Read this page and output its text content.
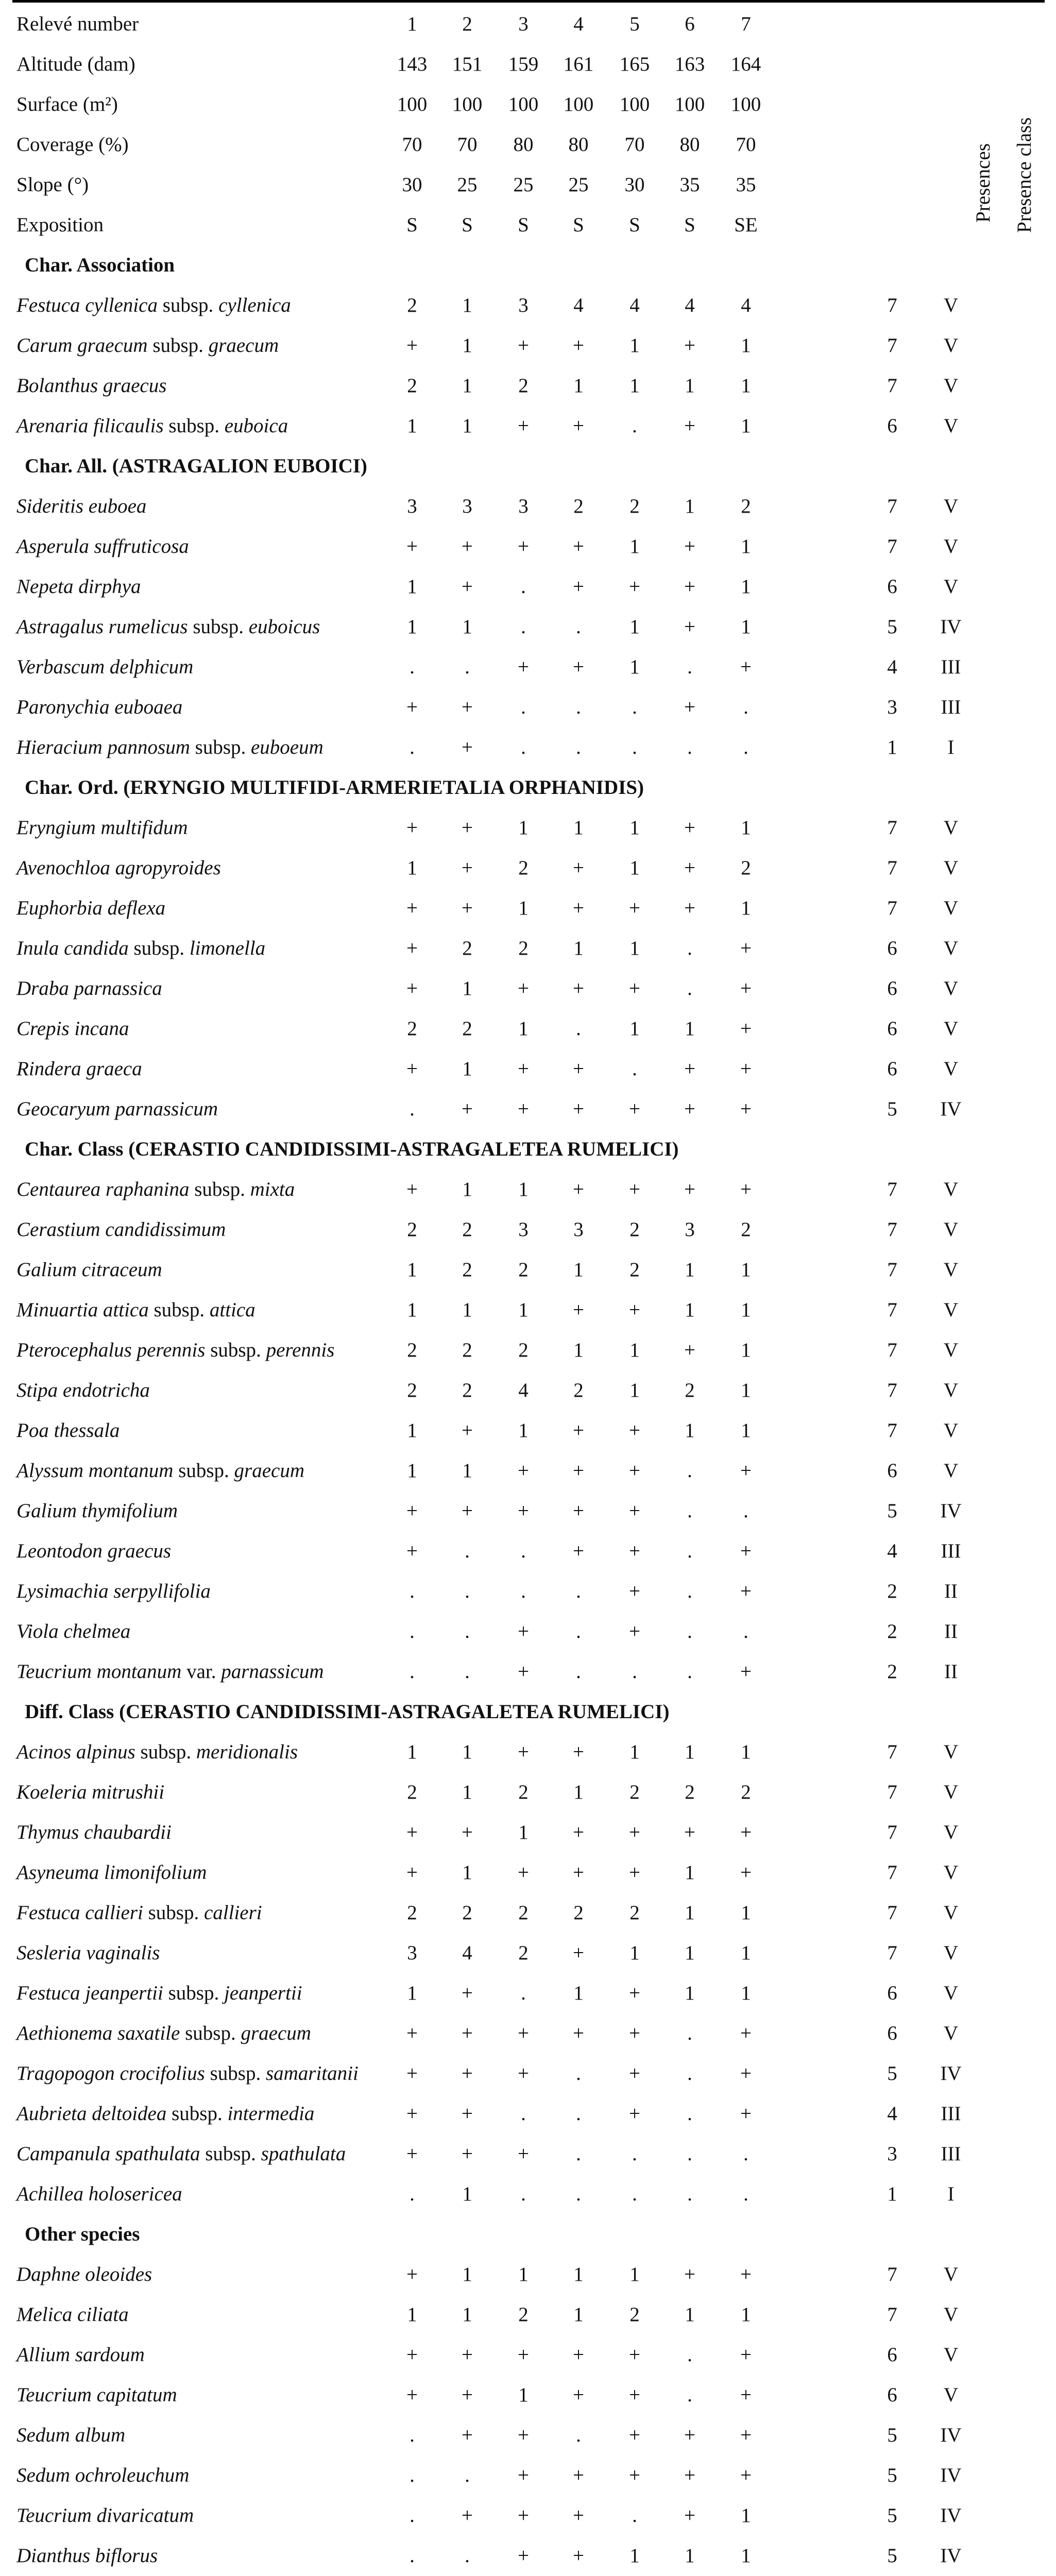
Relevé number	1	2	3	4	5	6	7
Altitude (dam)	143	151	159	161	165	163	164
Surface (m²)	100	100	100	100	100	100	100
Coverage (%)	70	70	80	80	70	80	70
Slope (°)	30	25	25	25	30	35	35
Exposition	S	S	S	S	S	S	SE
Char. Association
Festuca cyllenica subsp. cyllenica	2	1	3	4	4	4	4	7	V
Carum graecum subsp. graecum	+	1	+	+	1	+	1	7	V
Bolanthus graecus	2	1	2	1	1	1	1	7	V
Arenaria filicaulis subsp. euboica	1	1	+	+	.	+	1	6	V
Char. All. (ASTRAGALION EUBOICI)
Sideritis euboea	3	3	3	2	2	1	2	7	V
Asperula suffruticosa	+	+	+	+	1	+	1	7	V
Nepeta dirphya	1	+	.	+	+	+	1	6	V
Astragalus rumelicus subsp. euboicus	1	1	.	.	1	+	1	5	IV
Verbascum delphicum	.	.	+	+	1	.	+	4	III
Paronychia euboaea	+	+	.	.	.	+	.	3	III
Hieracium pannosum subsp. euboeum	.	+	.	.	.	.	.	1	I
Char. Ord. (ERYNGIO MULTIFIDI-ARMERIETALIA ORPHANIDIS)
Eryngium multifidum	+	+	1	1	1	+	1	7	V
Avenochloa agropyroides	1	+	2	+	1	+	2	7	V
Euphorbia deflexa	+	+	1	+	+	+	1	7	V
Inula candida subsp. limonella	+	2	2	1	1	.	+	6	V
Draba parnassica	+	1	+	+	+	.	+	6	V
Crepis incana	2	2	1	.	1	1	+	6	V
Rindera graeca	+	1	+	+	.	+	+	6	V
Geocaryum parnassicum	.	+	+	+	+	+	+	5	IV
Char. Class (CERASTIO CANDIDISSIMI-ASTRAGALETEA RUMELICI)
Centaurea raphanina subsp. mixta	+	1	1	+	+	+	+	7	V
Cerastium candidissimum	2	2	3	3	2	3	2	7	V
Galium citraceum	1	2	2	1	2	1	1	7	V
Minuartia attica subsp. attica	1	1	1	+	+	1	1	7	V
Pterocephalus perennis subsp. perennis	2	2	2	1	1	+	1	7	V
Stipa endotricha	2	2	4	2	1	2	1	7	V
Poa thessala	1	+	1	+	+	1	1	7	V
Alyssum montanum subsp. graecum	1	1	+	+	+	.	+	6	V
Galium thymifolium	+	+	+	+	+	.	.	5	IV
Leontodon graecus	+	.	.	+	+	.	+	4	III
Lysimachia serpyllifolia	.	.	.	.	+	.	+	2	II
Viola chelmea	.	.	+	.	+	.	.	2	II
Teucrium montanum var. parnassicum	.	.	+	.	.	.	+	2	II
Diff. Class (CERASTIO CANDIDISSIMI-ASTRAGALETEA RUMELICI)
Acinos alpinus subsp. meridionalis	1	1	+	+	1	1	1	7	V
Koeleria mitrushii	2	1	2	1	2	2	2	7	V
Thymus chaubardii	+	+	1	+	+	+	+	7	V
Asyneuma limonifolium	+	1	+	+	+	1	+	7	V
Festuca callieri subsp. callieri	2	2	2	2	2	1	1	7	V
Sesleria vaginalis	3	4	2	+	1	1	1	7	V
Festuca jeanpertii subsp. jeanpertii	1	+	.	1	+	1	1	6	V
Aethionema saxatile subsp. graecum	+	+	+	+	+	.	+	6	V
Tragopogon crocifolius subsp. samaritanii	+	+	+	.	+	.	+	5	IV
Aubrieta deltoidea subsp. intermedia	+	+	.	.	+	.	+	4	III
Campanula spathulata subsp. spathulata	+	+	+	.	.	.	.	3	III
Achillea holosericea	.	1	.	.	.	.	.	1	I
Other species
Daphne oleoides	+	1	1	1	1	+	+	7	V
Melica ciliata	1	1	2	1	2	1	1	7	V
Allium sardoum	+	+	+	+	+	.	+	6	V
Teucrium capitatum	+	+	1	+	+	.	+	6	V
Sedum album	.	+	+	.	+	+	+	5	IV
Sedum ochroleuchum	.	.	+	+	+	+	+	5	IV
Teucrium divaricatum	.	+	+	+	.	+	1	5	IV
Dianthus biflorus	.	.	+	+	1	1	1	5	IV
Presences Presence class
